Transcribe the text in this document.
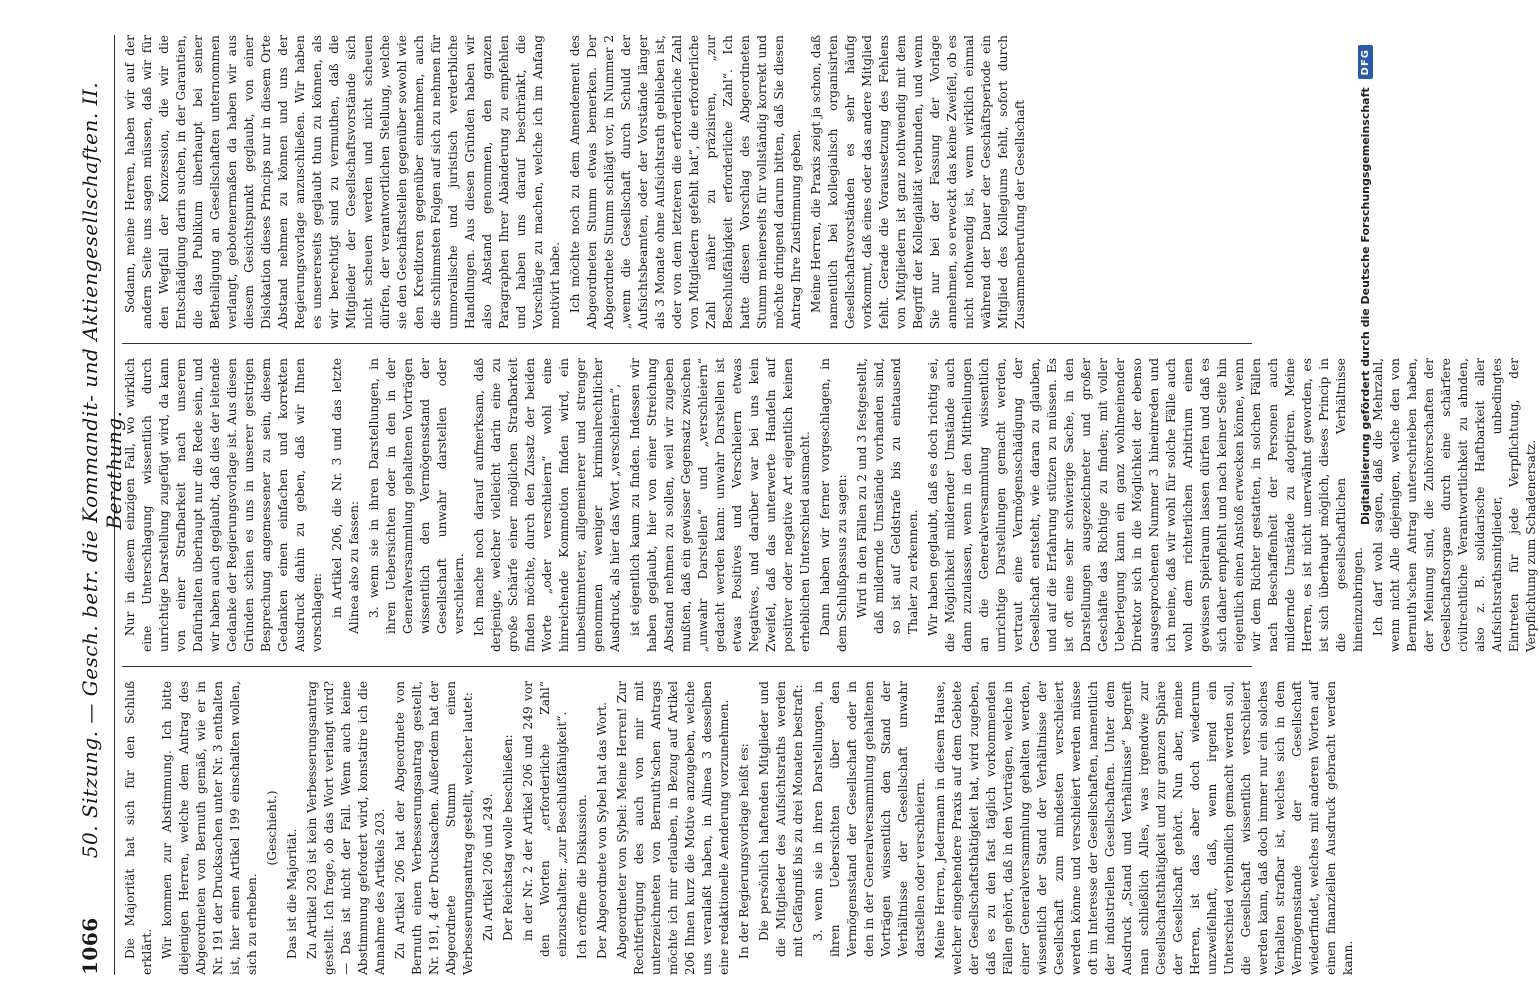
1066
50. Sitzung. — Gesch. betr. die Kommandit- und Aktiengesellschaften. II. Berathung.

Die Majorität hat sich für den Schluß erklärt. Wir kommen zur Abstimmung. Ich bitte diejenigen Herren, welche dem Antrag des Abgeordneten von Bernuth gemäß, wie er in Nr. 191 der Drucksachen unter Nr. 3 enthalten ist, hier einen Artikel 199 einschalten wollen, sich zu erheben.

(Geschieht.)

Das ist die Majorität. Zu Artikel 203 ist kein Verbesserungsantrag gestellt. Ich frage, ob das Wort verlangt wird? — Das ist nicht der Fall. Wenn auch keine Abstimmung gefordert wird, konstatire ich die Annahme des Artikels 203. Zu Artikel 206 hat der Abgeordnete von Bernuth einen Verbesserungsantrag gestellt, Nr. 191, 4 der Drucksachen. Außerdem hat der Abgeordnete Stumm einen Verbesserungsantrag gestellt, welcher lautet: Zu Artikel 206 und 249. Der Reichstag wolle beschließen: in der Nr. 2 der Artikel 206 und 249 vor den Worten „erforderliche Zahl“ einzuschalten: „zur Beschlußfähigkeit“. Ich eröffne die Diskussion. Der Abgeordnete von Sybel hat das Wort. Abgeordneter von Sybel: Meine Herren! Zur Rechtfertigung des auch von mir mit unterzeichneten von Bernuth'schen Antrags möchte ich mir erlauben, in Bezug auf Artikel 206 Ihnen kurz die Motive anzugeben, welche uns veranlaßt haben, in Alinea 3 desselben eine redaktionelle Aenderung vorzunehmen. In der Regierungsvorlage heißt es: Die persönlich haftenden Mitglieder und die Mitglieder des Aufsichtsraths werden mit Gefängniß bis zu drei Monaten bestraft: 3. wenn sie in ihren Darstellungen, in ihren Uebersichten über den Vermögensstand der Gesellschaft oder in den in der Generalversammlung gehaltenen Vorträgen wissentlich den Stand der Verhältnisse der Gesellschaft unwahr darstellen oder verschleiern. Meine Herren, Jedermann in diesem Hause, welcher eingehendere Praxis auf dem Gebiete der Gesellschaftsthätigkeit hat, wird zugeben, daß es zu den fast täglich vorkommenden Fällen gehört, daß in den Vorträgen, welche in einer Generalversammlung gehalten werden, wissentlich der Stand der Verhältnisse der Gesellschaft zum mindesten verschleiert werden könne und verschleiert werden müsse oft im Interesse der Gesellschaften, namentlich der industriellen Gesellschaften. Unter dem Ausdruck „Stand und Verhältnisse“ begreift man schließlich Alles, was irgendwie zur Gesellschaftsthätigkeit und zur ganzen Sphäre der Gesellschaft gehört. Nun aber, meine Herren, ist das aber doch wiederum unzweifelhaft, daß, wenn irgend ein Unterschied verbindlich gemacht werden soll, die Gesellschaft wissentlich verschleiert werden kann, daß doch immer nur ein solches Verhalten strafbar ist, welches sich in dem Vermögensstande der Gesellschaft wiederfindet, welches mit anderen Worten auf einen finanziellen Ausdruck gebracht werden kann.

Nur in diesem einzigen Fall, wo wirklich eine Unterschlagung wissentlich durch unrichtige Darstellung zugefügt wird, da kann von einer Strafbarkeit nach unserem Dafürhalten überhaupt nur die Rede sein, und wir haben auch geglaubt, daß dies der leitende Gedanke der Regierungsvorlage ist. Aus diesen Gründen schien es uns in unserer gestrigen Besprechung angemessener zu sein, diesem Gedanken einen einfachen und korrekten Ausdruck dahin zu geben, daß wir Ihnen vorschlagen: in Artikel 206, die Nr. 3 und das letzte Alinea also zu fassen: 3. wenn sie in ihren Darstellungen, in ihren Uebersichten oder in den in der Generalversammlung gehaltenen Vorträgen wissentlich den Vermögensstand der Gesellschaft unwahr darstellen oder verschleiern. Ich mache noch darauf aufmerksam, daß derjenige, welcher vielleicht darin eine zu große Schärfe einer möglichen Strafbarkeit finden möchte, durch den Zusatz der beiden Worte „oder verschleiern“ wohl eine hinreichende Kommotion finden wird, ein unbestimmterer, allgemeinerer und strenger genommen weniger kriminalrechtlicher Ausdruck, als hier das Wort „verschleiern“, ist eigentlich kaum zu finden. Indessen wir haben geglaubt, hier von einer Streichung Abstand nehmen zu sollen, weil wir zugeben mußten, daß ein gewisser Gegensatz zwischen „unwahr Darstellen“ und „verschleiern“ gedacht werden kann: unwahr Darstellen ist etwas Positives und Verschleiern etwas Negatives, und darüber war bei uns kein Zweifel, daß das unterwerte Handeln auf positiver oder negative Art eigentlich keinen erheblichen Unterschied ausmacht. Dann haben wir ferner vorgeschlagen, in dem Schlußpassus zu sagen: Wird in den Fällen zu 2 und 3 festgestellt, daß mildernde Umstände vorhanden sind, so ist auf Geldstrafe bis zu eintausend Thaler zu erkennen. Wir haben geglaubt, daß es doch richtig sei, die Möglichkeit mildernder Umstände auch dann zuzulassen, wenn in den Mittheilungen an die Generalversammlung wissentlich unrichtige Darstellungen gemacht werden, vertraut eine Vermögensschädigung der Gesellschaft entsteht, wie daran zu glauben, und auf die Erfahrung stützen zu müssen. Es ist oft eine sehr schwierige Sache, in den Darstellungen ausgezeichneter und großer Geschäfte das Richtige zu finden; mit voller Ueberlegung kann ein ganz wohlmeinender Direktor sich in die Möglichkeit der ebenso ausgesprochenen Nummer 3 hineinreden und ich meine, daß wir wohl für solche Fälle auch wohl dem richterlichen Arbitrium einen gewissen Spielraum lassen dürfen und daß es sich daher empfiehlt und nach keiner Seite hin eigentlich einen Anstoß erwecken könne, wenn wir dem Richter gestatten, in solchen Fällen nach Beschaffenheit der Personen auch mildernde Umstände zu adoptiren. Meine Herren, es ist nicht unerwähnt geworden, es ist sich überhaupt möglich, dieses Princip in die gesellschaftlichen Verhältnisse hineinzubringen. Ich darf wohl sagen, daß die Mehrzahl, wenn nicht Alle diejenigen, welche den von Bernuth'schen Antrag unterschrieben haben, der Meinung sind, die Zuhörerschaften der Gesellschaftsorgane durch eine schärfere civilrechtliche Verantwortlichkeit zu ahnden, also z. B. solidarische Haftbarkeit aller Aufsichtsrathsmitglieder, unbedingtes Eintreten für jede Verpflichtung, der Verpflichtung zum Schadenersatz.

Sodann, meine Herren, haben wir auf der andern Seite uns sagen müssen, daß wir für den Wegfall der Konzession, die wir die Entschädigung darin suchen, in der Garantien, die das Publikum überhaupt bei seiner Betheiligung an Gesellschaften unternommen verlangt, gebotenermaßen da haben wir aus diesem Gesichtspunkt geglaubt, von einer Dislokation dieses Princips nur in diesem Orte Abstand nehmen zu können und uns der Regierungsvorlage anzuschließen. Wir haben es unsererseits geglaubt thun zu können, als wir berechtigt sind zu vermuthen, daß die Mitglieder der Gesellschaftsvorstände sich nicht scheuen werden und nicht scheuen dürfen, der verantwortlichen Stellung, welche sie den Geschäftsstellen gegenüber sowohl wie den Kreditoren gegenüber einnehmen, auch die schlimmsten Folgen auf sich zu nehmen für unmoralische und juristisch verderbliche Handlungen. Aus diesen Gründen haben wir also Abstand genommen, den ganzen Paragraphen Ihrer Abänderung zu empfehlen und haben uns darauf beschränkt, die Vorschläge zu machen, welche ich im Anfang motivirt habe. Ich möchte noch zu dem Amendement des Abgeordneten Stumm etwas bemerken. Der Abgeordnete Stumm schlägt vor, in Nummer 2 „wenn die Gesellschaft durch Schuld der Aufsichtsbeamten, oder der Vorstände länger als 3 Monate ohne Aufsichtsrath geblieben ist, oder von dem letzteren die erforderliche Zahl von Mitgliedern gefehlt hat“, die erforderliche Zahl näher zu präzisiren, „zur Beschlußfähigkeit erforderliche Zahl“. Ich hatte diesen Vorschlag des Abgeordneten Stumm meinerseits für vollständig korrekt und möchte dringend darum bitten, daß Sie diesen Antrag Ihre Zustimmung geben. Meine Herren, die Praxis zeigt ja schon, daß namentlich bei kollegialisch organisirten Gesellschaftsvorständen es sehr häufig vorkommt, daß eines oder das andere Mitglied fehlt. Gerade die Voraussetzung des Fehlens von Mitgliedern ist ganz nothwendig mit dem Begriff der Kollegialität verbunden, und wenn Sie nur bei der Fassung der Vorlage annehmen, so erweckt das keine Zweifel, ob es nicht nothwendig ist, wenn wirklich einmal während der Dauer der Geschäftsperiode ein Mitglied des Kollegiums fehlt, sofort durch Zusammenberufung der Gesellschaft	Digitalisierung gefördert durch die Deutsche Forschungsgemeinschaft
DFG
